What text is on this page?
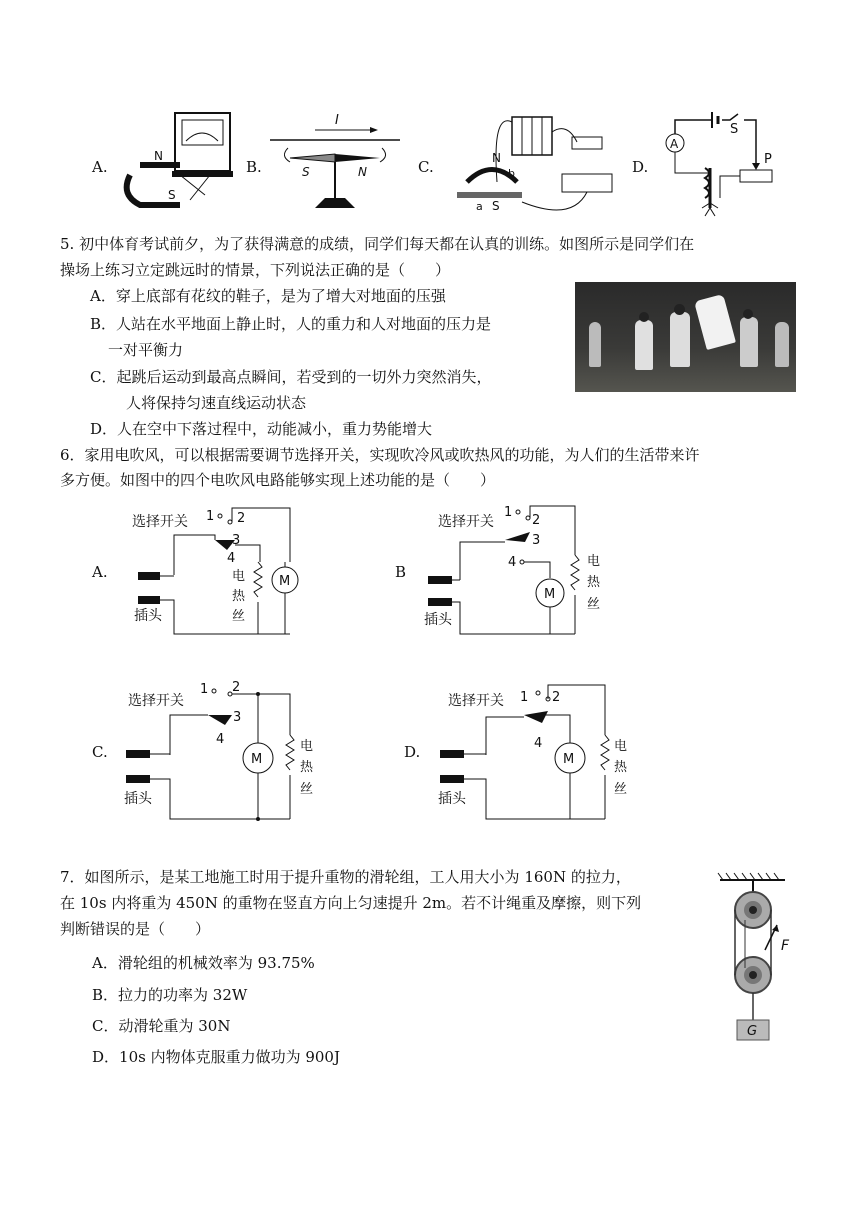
A.
N
S
B.
I
S	N	C.	N
b
a S
D.
A
S
P
5. 初中体育考试前夕，为了获得满意的成绩，同学们每天都在认真的训练。如图所示是同学们在
操场上练习立定跳远时的情景，下列说法正确的是（　　）
A．穿上底部有花纹的鞋子，是为了增大对地面的压强
B．人站在水平地面上静止时，人的重力和人对地面的压力是
一对平衡力
C．起跳后运动到最高点瞬间，若受到的一切外力突然消失，
人将保持匀速直线运动状态
D．人在空中下落过程中，动能减小，重力势能增大
6．家用电吹风，可以根据需要调节选择开关，实现吹冷风或吹热风的功能，为人们的生活带来许
多方便。如图中的四个电吹风电路能够实现上述功能的是（　　）
A.
选择开关 1 2
3
4
M
电
热
丝
插头
B
选择开关
1
2
3
4
M
电
热
丝
插头
C.
选择开关
1 2
3
4
M
电
热
丝
插头
D.
选择开关 1 2
4
M
电
热
丝
插头
7．如图所示，是某工地施工时用于提升重物的滑轮组，工人用大小为 160N 的拉力，
在 10s 内将重为 450N 的重物在竖直方向上匀速提升 2m。若不计绳重及摩擦，则下列
判断错误的是（　　）
A．滑轮组的机械效率为 93.75%
B．拉力的功率为 32W
C．动滑轮重为 30N
D．10s 内物体克服重力做功为 900J
F
G
